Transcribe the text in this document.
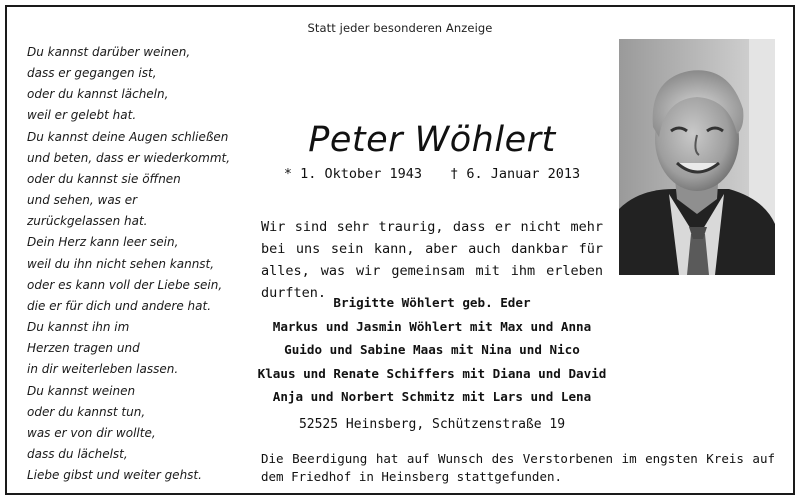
Statt jeder besonderen Anzeige
Du kannst darüber weinen,
dass er gegangen ist,
oder du kannst lächeln,
weil er gelebt hat.
Du kannst deine Augen schließen
und beten, dass er wiederkommt,
oder du kannst sie öffnen
und sehen, was er
zurückgelassen hat.
Dein Herz kann leer sein,
weil du ihn nicht sehen kannst,
oder es kann voll der Liebe sein,
die er für dich und andere hat.
Du kannst ihn im
Herzen tragen und
in dir weiterleben lassen.
Du kannst weinen
oder du kannst tun,
was er von dir wollte,
dass du lächelst,
Liebe gibst und weiter gehst.
Peter Wöhlert
* 1. Oktober 1943 † 6. Januar 2013
Wir sind sehr traurig, dass er nicht mehr bei uns sein kann, aber auch dankbar für alles, was wir gemeinsam mit ihm erleben durften.
Brigitte Wöhlert geb. Eder
Markus und Jasmin Wöhlert mit Max und Anna
Guido und Sabine Maas mit Nina und Nico
Klaus und Renate Schiffers mit Diana und David
Anja und Norbert Schmitz mit Lars und Lena
52525 Heinsberg, Schützenstraße 19
Die Beerdigung hat auf Wunsch des Verstorbenen im engsten Kreis auf dem Friedhof in Heinsberg stattgefunden.
